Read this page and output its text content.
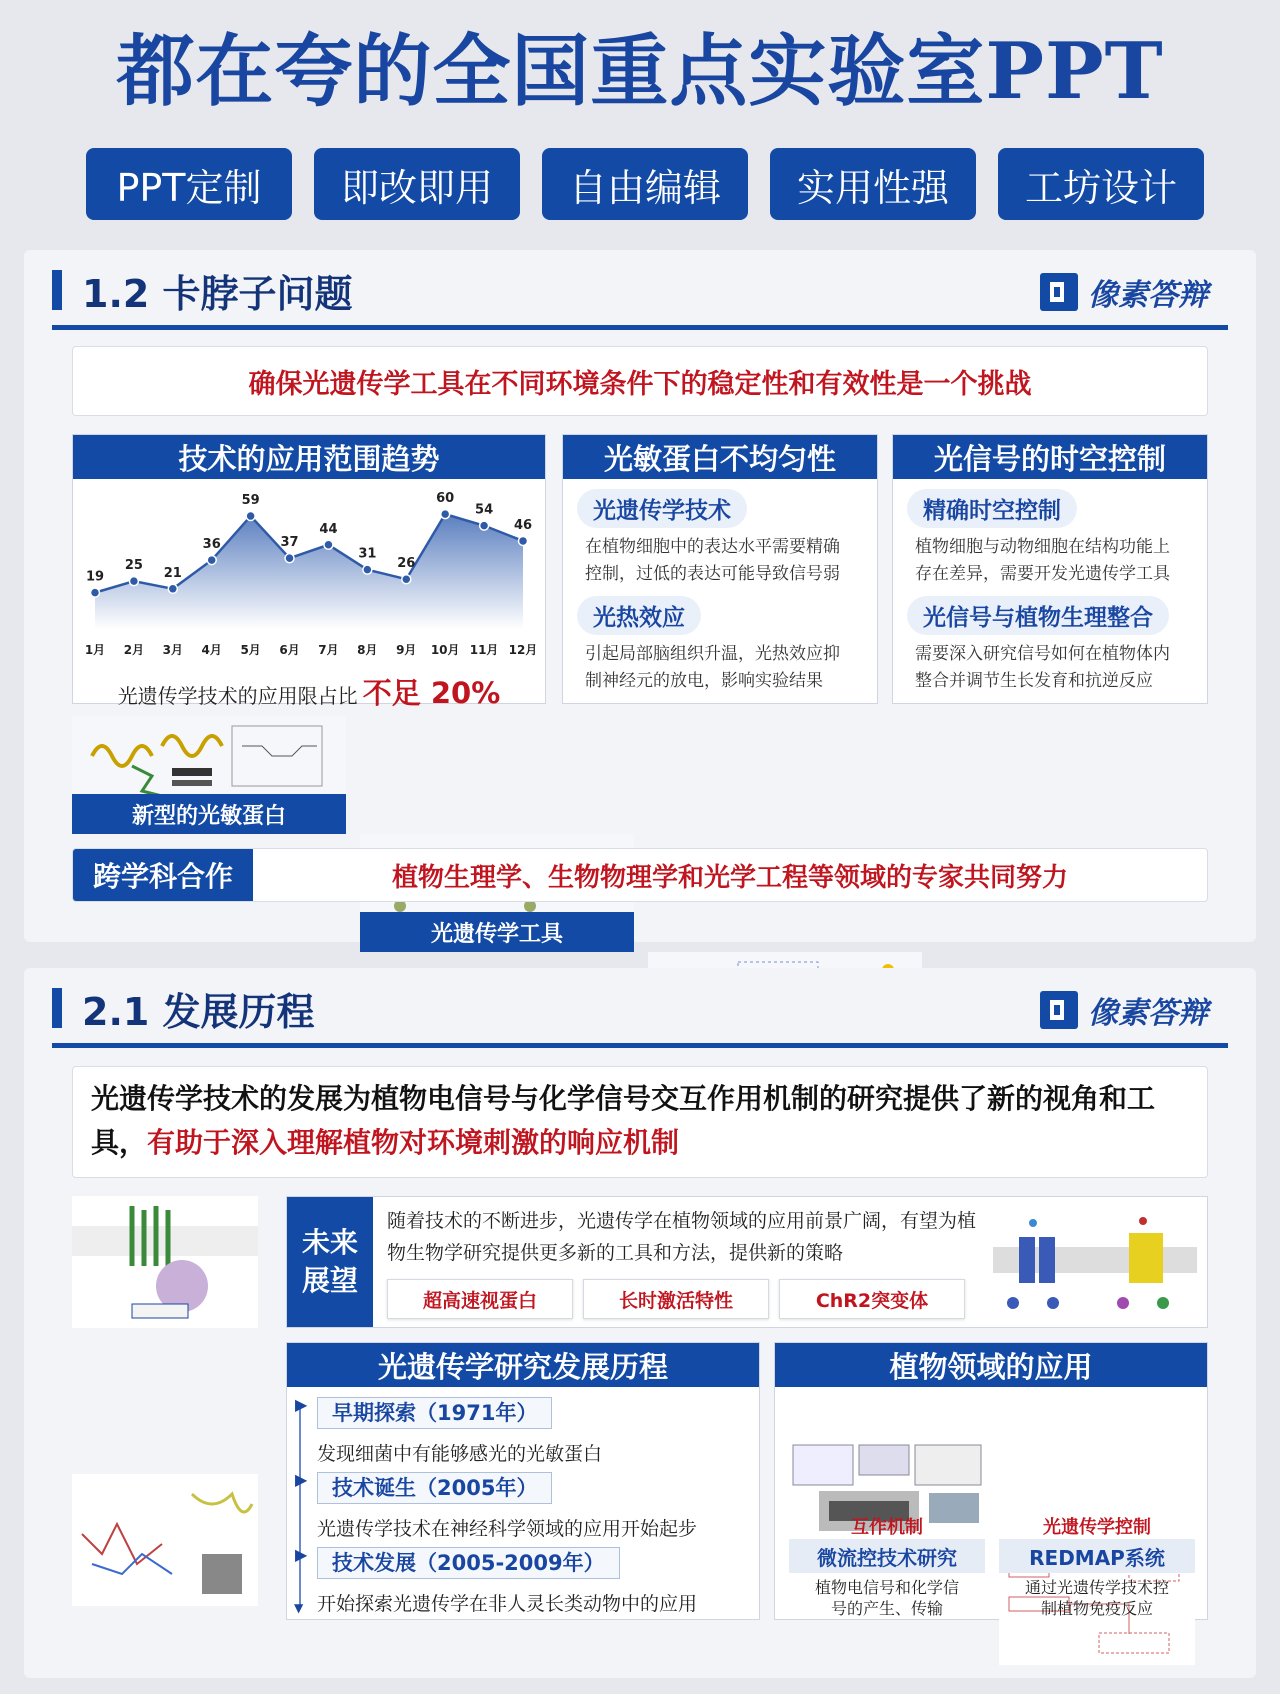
都在夸的全国重点实验室PPT
PPT定制	即改即用	自由编辑	实用性强	工坊设计
1.2 卡脖子问题	像素答辩
确保光遗传学工具在不同环境条件下的稳定性和有效性是一个挑战
技术的应用范围趋势
19
1月
25
2月
21
3月
36
4月
59
5月
37
6月
44
7月
31
8月
26
9月
60
10月
54
11月
46
12月
光遗传学技术的应用限占比 不足 20%
光敏蛋白不均匀性
光遗传学技术
在植物细胞中的表达水平需要精确控制，过低的表达可能导致信号弱
光热效应
引起局部脑组织升温，光热效应抑制神经元的放电，影响实验结果
光信号的时空控制
精确时空控制
植物细胞与动物细胞在结构功能上存在差异，需要开发光遗传学工具
光信号与植物生理整合
需要深入研究信号如何在植物体内整合并调节生长发育和抗逆反应
新型的光敏蛋白
光遗传学工具
跨学科合作	植物生理学、生物物理学和光学工程等领域的专家共同努力
2.1 发展历程	像素答辩
光遗传学技术的发展为植物电信号与化学信号交互作用机制的研究提供了新的视角和工具，有助于深入理解植物对环境刺激的响应机制
未来展望
随着技术的不断进步，光遗传学在植物领域的应用前景广阔，有望为植物生物学研究提供更多新的工具和方法，提供新的策略
超高速视蛋白	长时激活特性	ChR2突变体
光遗传学研究发展历程
▶
▶
▶
▼
早期探索（1971年）
发现细菌中有能够感光的光敏蛋白
技术诞生（2005年）
光遗传学技术在神经科学领域的应用开始起步
技术发展（2005-2009年）
开始探索光遗传学在非人灵长类动物中的应用
植物领域的应用
互作机制	光遗传学控制
微流控技术研究	REDMAP系统
植物电信号和化学信号的产生、传输
通过光遗传学技术控制植物免疫反应
